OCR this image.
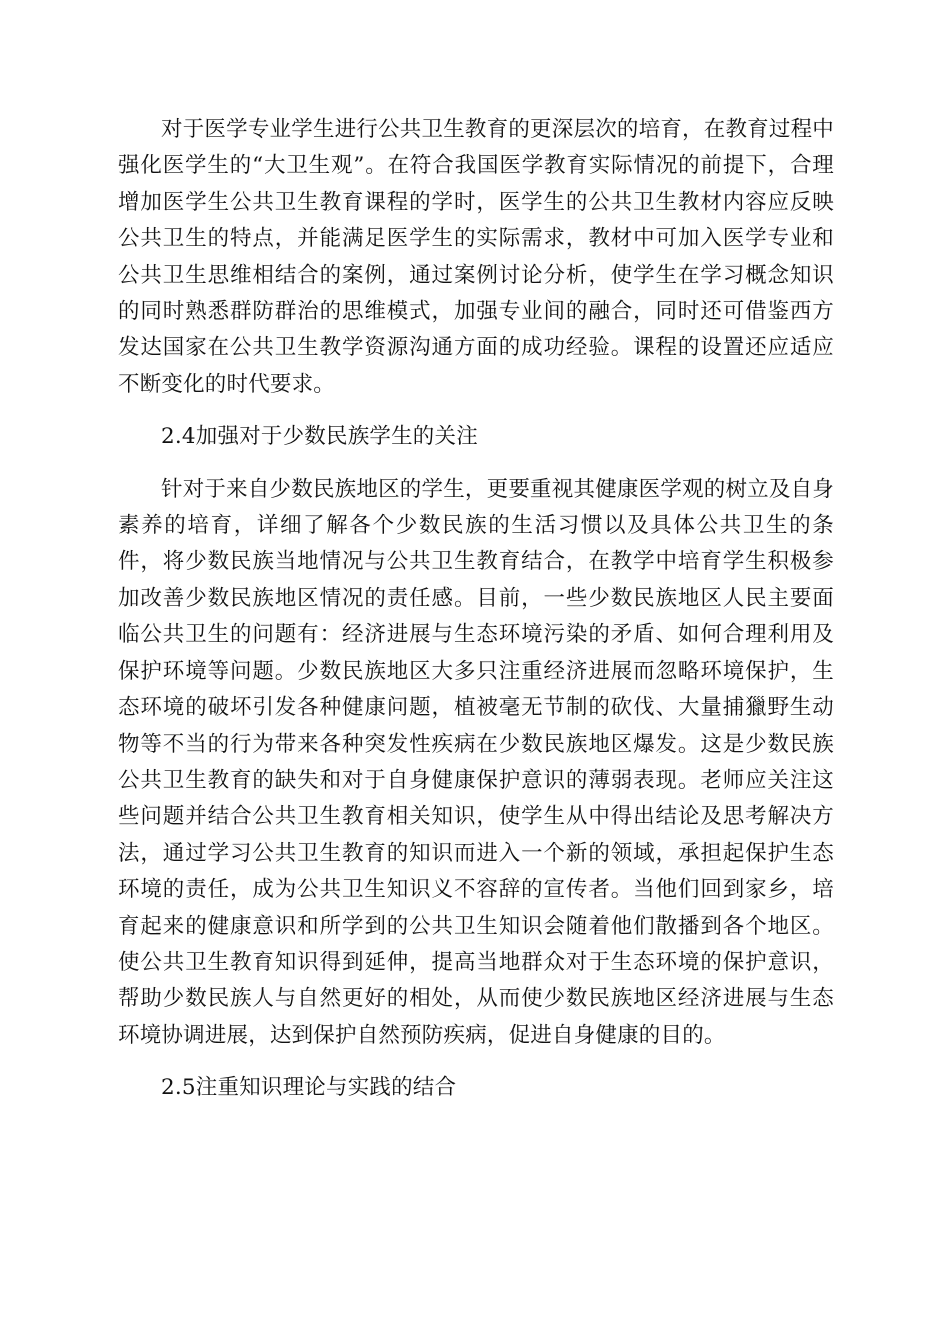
对于医学专业学生进行公共卫生教育的更深层次的培育，在教育过程中强化医学生的“大卫生观”。在符合我国医学教育实际情况的前提下，合理增加医学生公共卫生教育课程的学时，医学生的公共卫生教材内容应反映公共卫生的特点，并能满足医学生的实际需求，教材中可加入医学专业和公共卫生思维相结合的案例，通过案例讨论分析，使学生在学习概念知识的同时熟悉群防群治的思维模式，加强专业间的融合，同时还可借鉴西方发达国家在公共卫生教学资源沟通方面的成功经验。课程的设置还应适应不断变化的时代要求。

2.4加强对于少数民族学生的关注

针对于来自少数民族地区的学生，更要重视其健康医学观的树立及自身素养的培育，详细了解各个少数民族的生活习惯以及具体公共卫生的条件，将少数民族当地情况与公共卫生教育结合，在教学中培育学生积极参加改善少数民族地区情况的责任感。目前，一些少数民族地区人民主要面临公共卫生的问题有：经济进展与生态环境污染的矛盾、如何合理利用及保护环境等问题。少数民族地区大多只注重经济进展而忽略环境保护，生态环境的破坏引发各种健康问题，植被毫无节制的砍伐、大量捕獵野生动物等不当的行为带来各种突发性疾病在少数民族地区爆发。这是少数民族公共卫生教育的缺失和对于自身健康保护意识的薄弱表现。老师应关注这些问题并结合公共卫生教育相关知识，使学生从中得出结论及思考解决方法，通过学习公共卫生教育的知识而进入一个新的领域，承担起保护生态环境的责任，成为公共卫生知识义不容辞的宣传者。当他们回到家乡，培育起来的健康意识和所学到的公共卫生知识会随着他们散播到各个地区。使公共卫生教育知识得到延伸，提高当地群众对于生态环境的保护意识，帮助少数民族人与自然更好的相处，从而使少数民族地区经济进展与生态环境协调进展，达到保护自然预防疾病，促进自身健康的目的。

2.5注重知识理论与实践的结合
